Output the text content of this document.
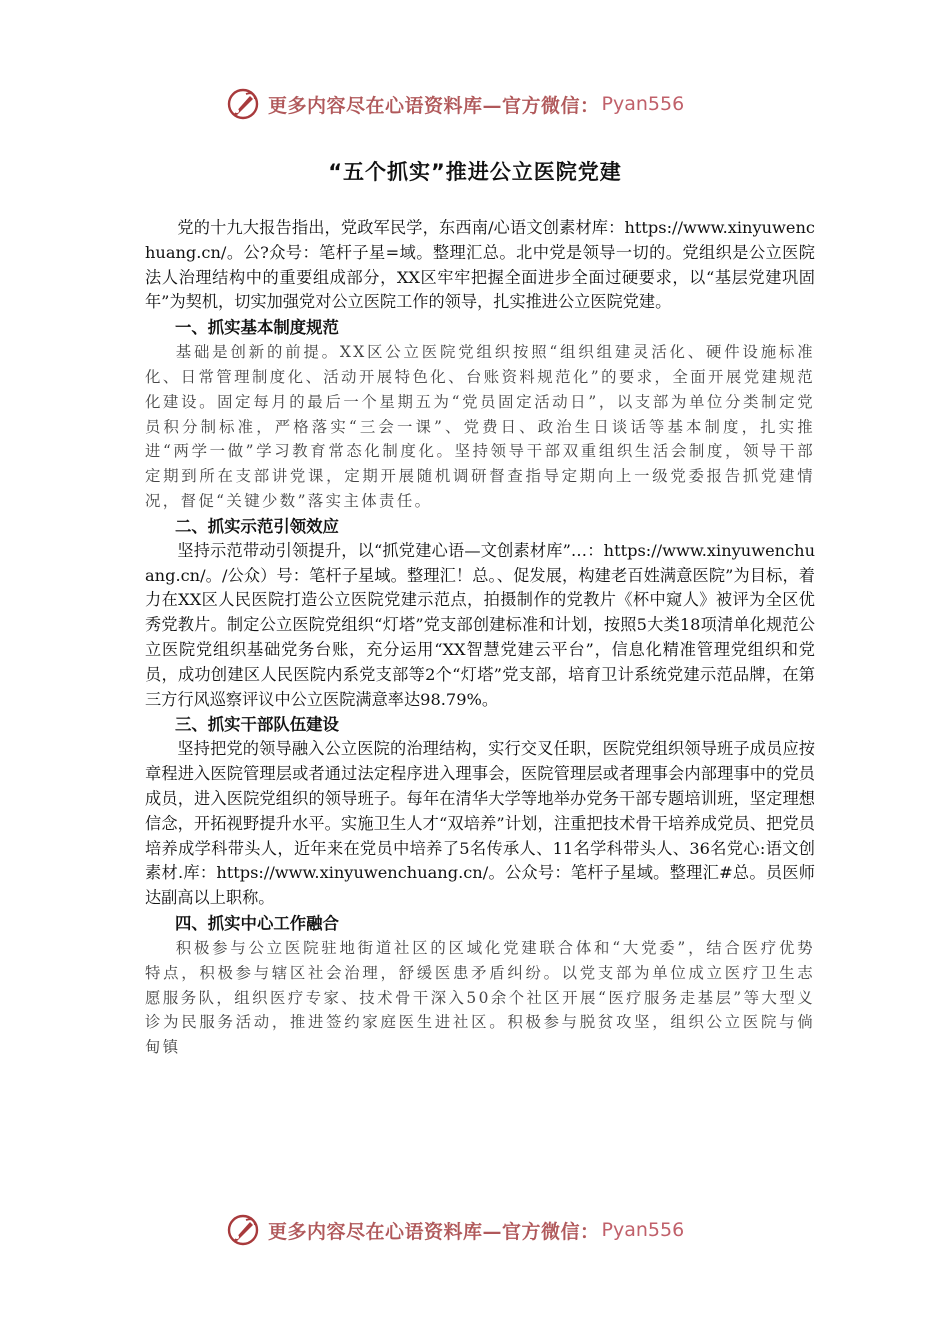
更多内容尽在心语资料库—官方微信： Pyan556
“五个抓实”推进公立医院党建

党的十九大报告指出，党政军民学，东西南/心语文创素材库：https://www.xinyuwenchuang.cn/。公?众号：笔杆子星=域。整理汇总。北中党是领导一切的。党组织是公立医院法人治理结构中的重要组成部分，XX区牢牢把握全面进步全面过硬要求，以“基层党建巩固年”为契机，切实加强党对公立医院工作的领导，扎实推进公立医院党建。

一、抓实基本制度规范

基础是创新的前提。XX区公立医院党组织按照“组织组建灵活化、硬件设施标准化、日常管理制度化、活动开展特色化、台账资料规范化”的要求，全面开展党建规范化建设。固定每月的最后一个星期五为“党员固定活动日”，以支部为单位分类制定党员积分制标准，严格落实“三会一课”、党费日、政治生日谈话等基本制度，扎实推进“两学一做”学习教育常态化制度化。坚持领导干部双重组织生活会制度，领导干部定期到所在支部讲党课，定期开展随机调研督查指导定期向上一级党委报告抓党建情况，督促“关键少数”落实主体责任。

二、抓实示范引领效应

坚持示范带动引领提升，以“抓党建心语—文创素材库”…：https://www.xinyuwenchuang.cn/。/公众）号：笔杆子星域。整理汇！总。、促发展，构建老百姓满意医院”为目标，着力在XX区人民医院打造公立医院党建示范点，拍摄制作的党教片《杯中窥人》被评为全区优秀党教片。制定公立医院党组织“灯塔”党支部创建标准和计划，按照5大类18项清单化规范公立医院党组织基础党务台账，充分运用“XX智慧党建云平台”，信息化精准管理党组织和党员，成功创建区人民医院内系党支部等2个“灯塔”党支部，培育卫计系统党建示范品牌，在第三方行风巡察评议中公立医院满意率达98.79%。

三、抓实干部队伍建设

坚持把党的领导融入公立医院的治理结构，实行交叉任职，医院党组织领导班子成员应按章程进入医院管理层或者通过法定程序进入理事会，医院管理层或者理事会内部理事中的党员成员，进入医院党组织的领导班子。每年在清华大学等地举办党务干部专题培训班，坚定理想信念，开拓视野提升水平。实施卫生人才“双培养”计划，注重把技术骨干培养成党员、把党员培养成学科带头人，近年来在党员中培养了5名传承人、11名学科带头人、36名党心:语文创素材.库：https://www.xinyuwenchuang.cn/。公众号：笔杆子星域。整理汇#总。员医师达副高以上职称。

四、抓实中心工作融合

积极参与公立医院驻地街道社区的区域化党建联合体和“大党委”，结合医疗优势特点，积极参与辖区社会治理，舒缓医患矛盾纠纷。以党支部为单位成立医疗卫生志愿服务队，组织医疗专家、技术骨干深入50余个社区开展“医疗服务走基层”等大型义诊为民服务活动，推进签约家庭医生进社区。积极参与脱贫攻坚，组织公立医院与倘甸镇

更多内容尽在心语资料库—官方微信： Pyan556
